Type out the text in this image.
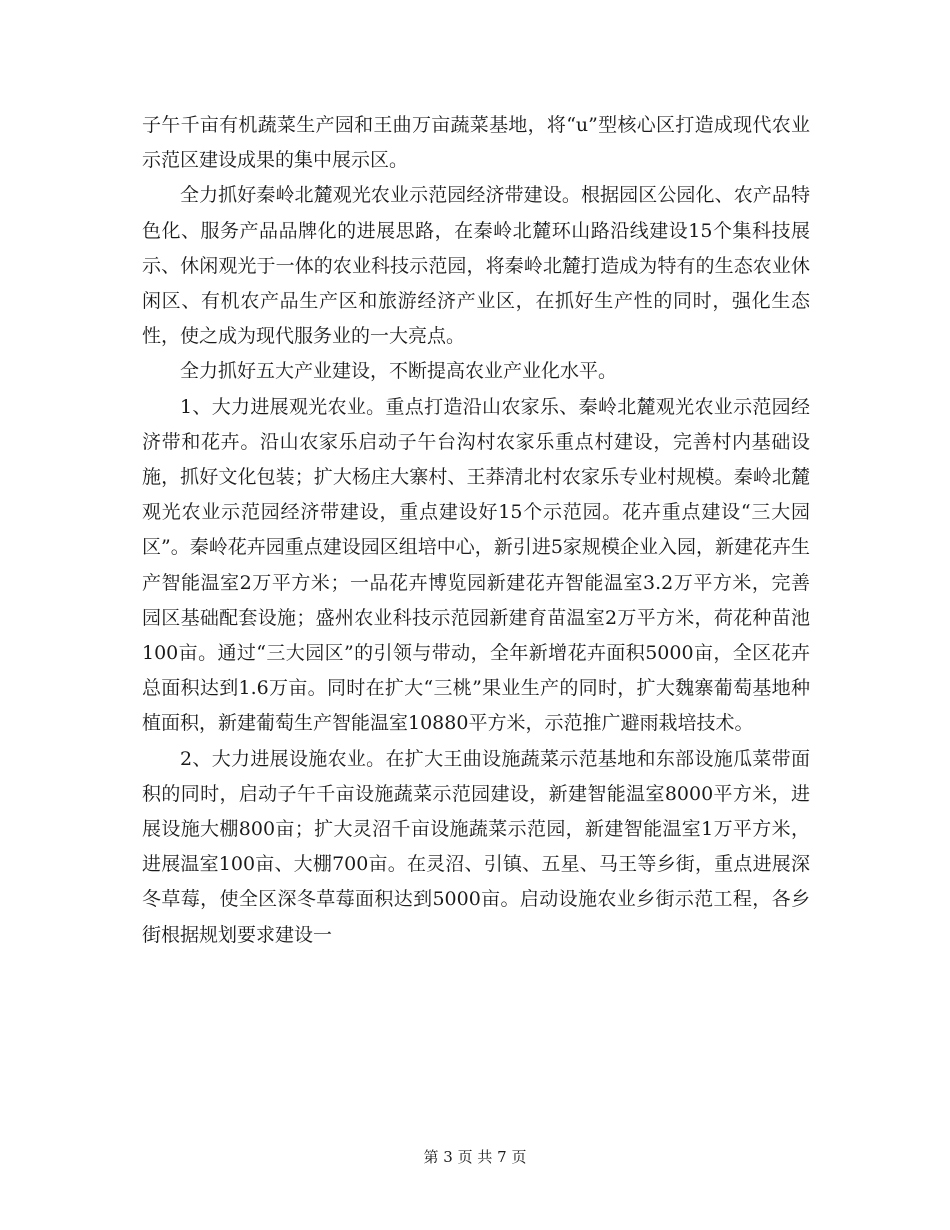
子午千亩有机蔬菜生产园和王曲万亩蔬菜基地，将“u”型核心区打造成现代农业示范区建设成果的集中展示区。

全力抓好秦岭北麓观光农业示范园经济带建设。根据园区公园化、农产品特色化、服务产品品牌化的进展思路，在秦岭北麓环山路沿线建设15个集科技展示、休闲观光于一体的农业科技示范园，将秦岭北麓打造成为特有的生态农业休闲区、有机农产品生产区和旅游经济产业区，在抓好生产性的同时，强化生态性，使之成为现代服务业的一大亮点。

全力抓好五大产业建设，不断提高农业产业化水平。

1、大力进展观光农业。重点打造沿山农家乐、秦岭北麓观光农业示范园经济带和花卉。沿山农家乐启动子午台沟村农家乐重点村建设，完善村内基础设施，抓好文化包装；扩大杨庄大寨村、王莽清北村农家乐专业村规模。秦岭北麓观光农业示范园经济带建设，重点建设好15个示范园。花卉重点建设“三大园区”。秦岭花卉园重点建设园区组培中心，新引进5家规模企业入园，新建花卉生产智能温室2万平方米；一品花卉博览园新建花卉智能温室3.2万平方米，完善园区基础配套设施；盛州农业科技示范园新建育苗温室2万平方米，荷花种苗池100亩。通过“三大园区”的引领与带动，全年新增花卉面积5000亩，全区花卉总面积达到1.6万亩。同时在扩大“三桃”果业生产的同时，扩大魏寨葡萄基地种植面积，新建葡萄生产智能温室10880平方米，示范推广避雨栽培技术。

2、大力进展设施农业。在扩大王曲设施蔬菜示范基地和东部设施瓜菜带面积的同时，启动子午千亩设施蔬菜示范园建设，新建智能温室8000平方米，进展设施大棚800亩；扩大灵沼千亩设施蔬菜示范园，新建智能温室1万平方米，进展温室100亩、大棚700亩。在灵沼、引镇、五星、马王等乡街，重点进展深冬草莓，使全区深冬草莓面积达到5000亩。启动设施农业乡街示范工程，各乡街根据规划要求建设一

第 3 页 共 7 页
